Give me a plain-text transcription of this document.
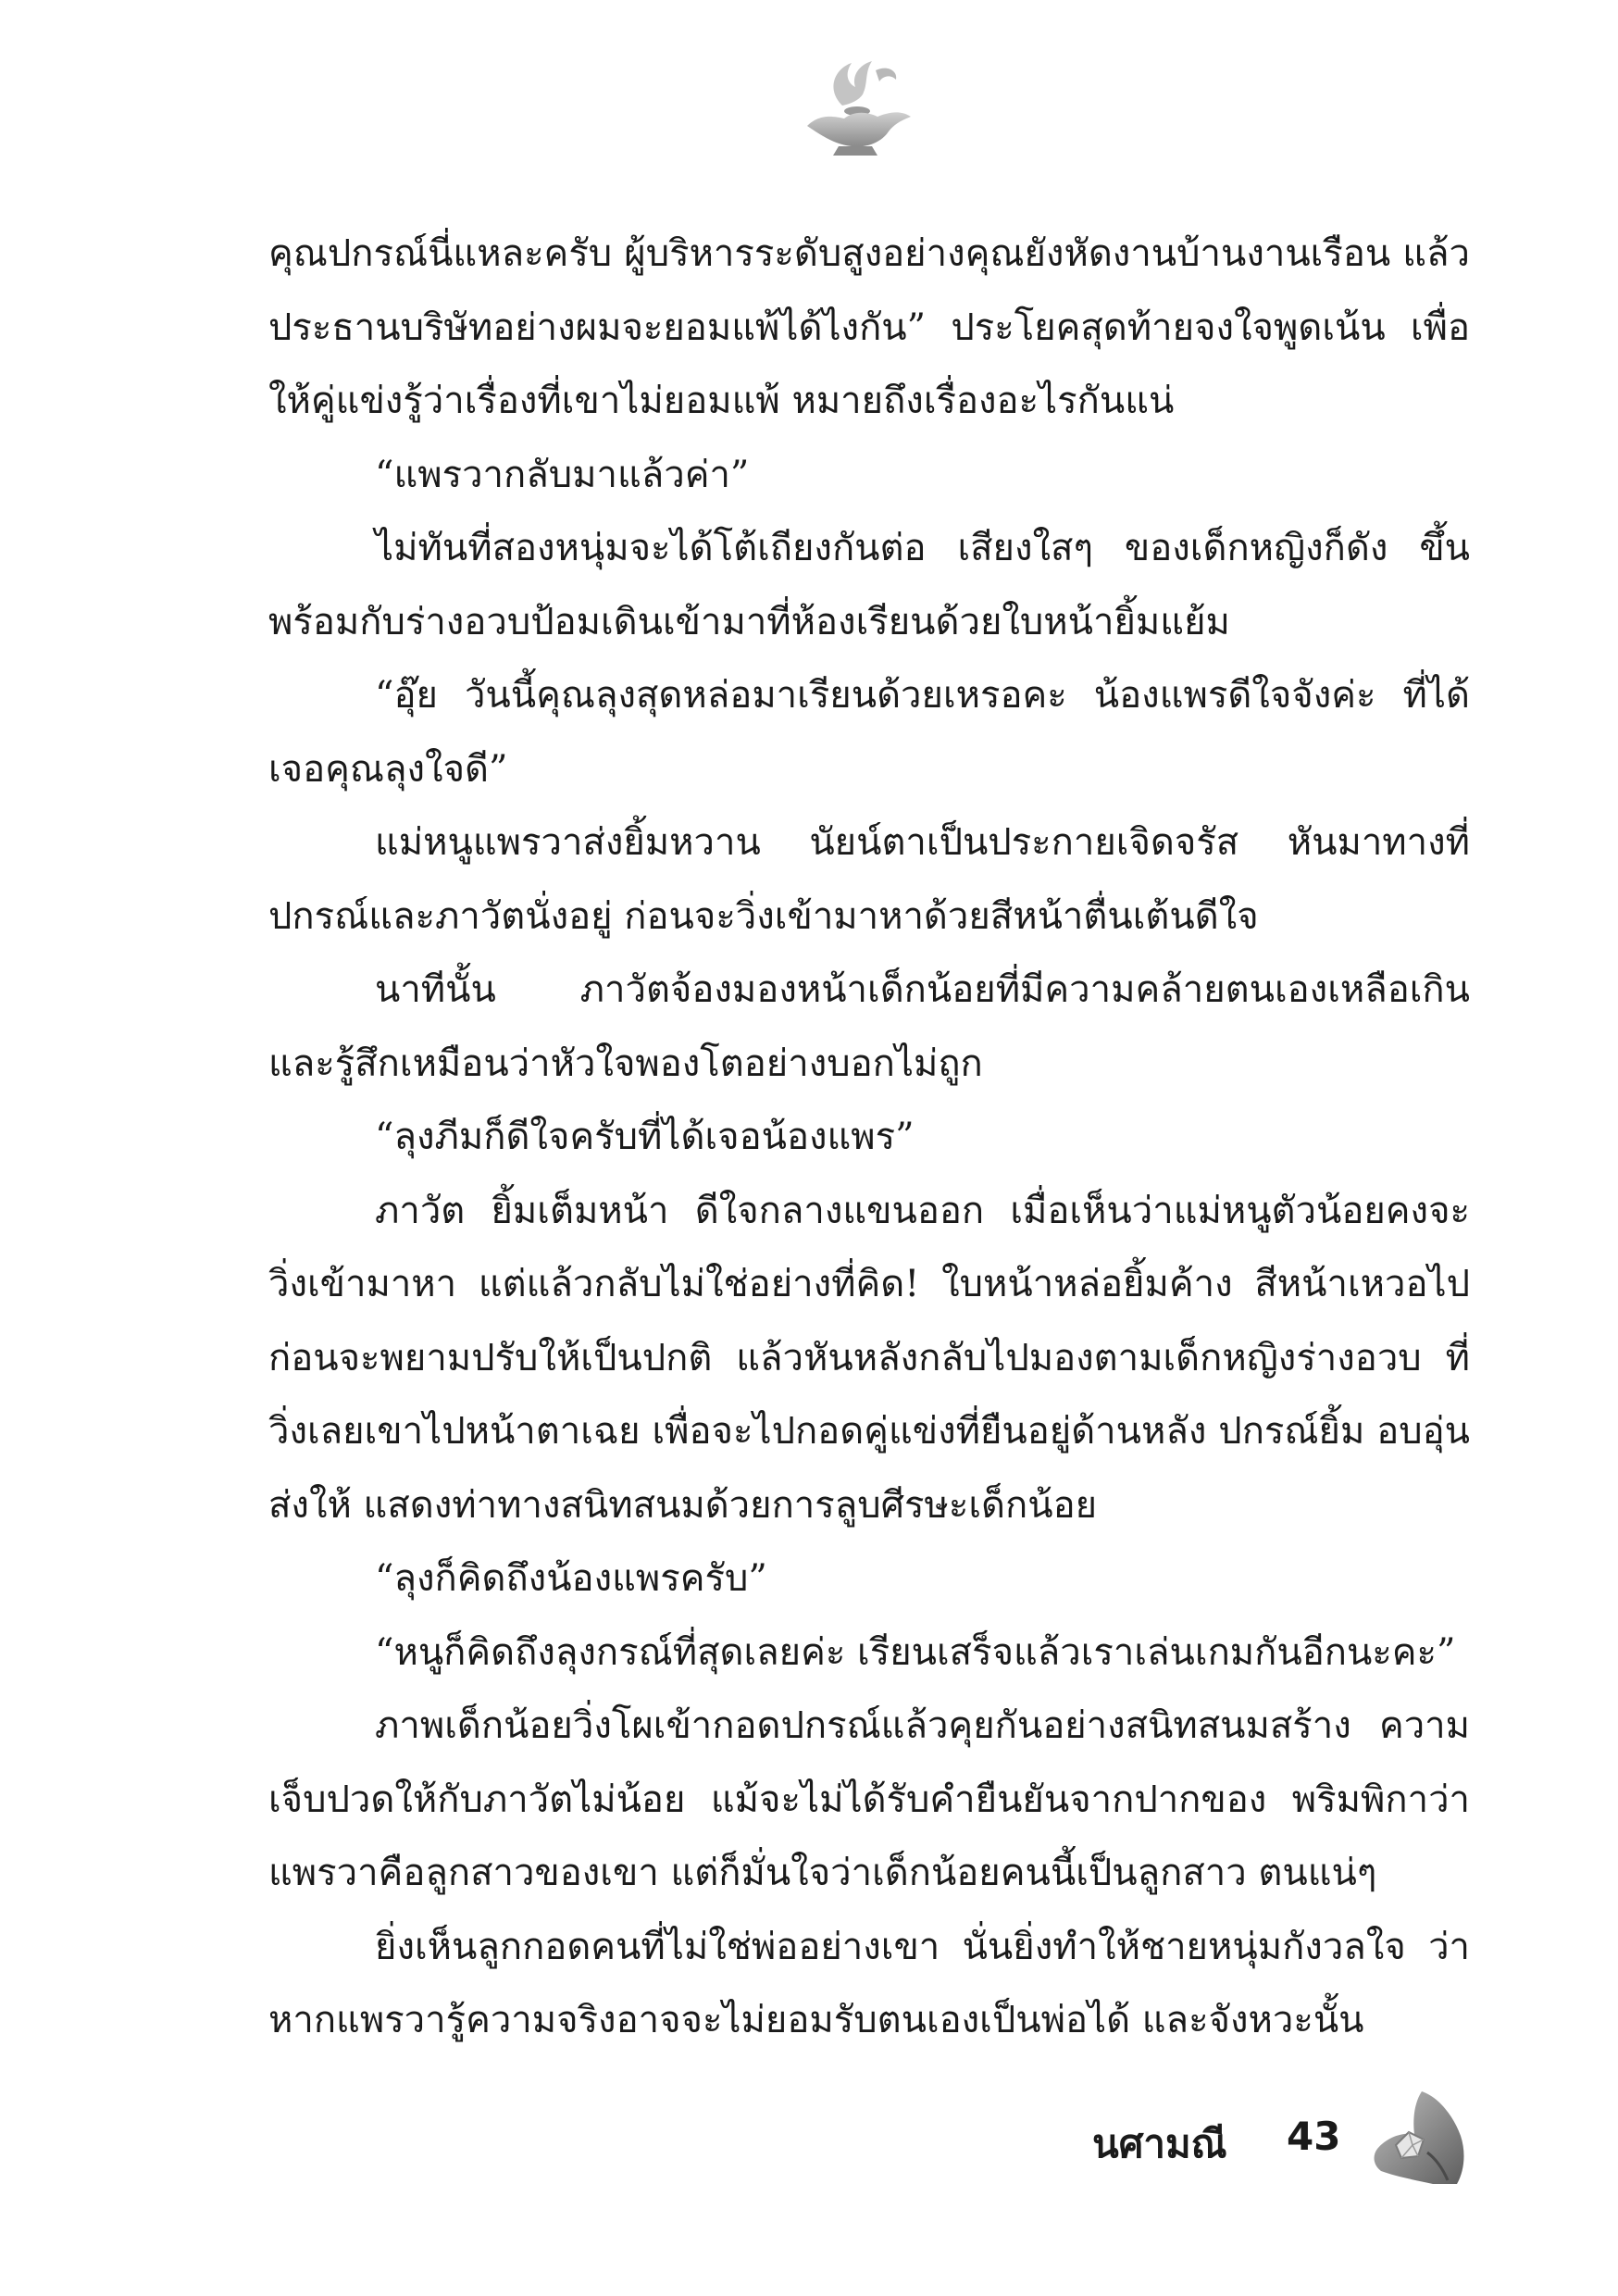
คุณปกรณ์นี่แหละครับ ผู้บริหารระดับสูงอย่างคุณยังหัดงานบ้านงานเรือน แล้วประธานบริษัทอย่างผมจะยอมแพ้ได้ไงกัน” ประโยคสุดท้ายจงใจพูดเน้น เพื่อให้คู่แข่งรู้ว่าเรื่องที่เขาไม่ยอมแพ้ หมายถึงเรื่องอะไรกันแน่

“แพรวากลับมาแล้วค่า”

ไม่ทันที่สองหนุ่มจะได้โต้เถียงกันต่อ เสียงใสๆ ของเด็กหญิงก็ดัง ขึ้นพร้อมกับร่างอวบป้อมเดินเข้ามาที่ห้องเรียนด้วยใบหน้ายิ้มแย้ม

“อุ๊ย วันนี้คุณลุงสุดหล่อมาเรียนด้วยเหรอคะ น้องแพรดีใจจังค่ะ ที่ได้เจอคุณลุงใจดี”

แม่หนูแพรวาส่งยิ้มหวาน นัยน์ตาเป็นประกายเจิดจรัส หันมาทางที่ ปกรณ์และภาวัตนั่งอยู่ ก่อนจะวิ่งเข้ามาหาด้วยสีหน้าตื่นเต้นดีใจ

นาทีนั้น ภาวัตจ้องมองหน้าเด็กน้อยที่มีความคล้ายตนเองเหลือเกิน และรู้สึกเหมือนว่าหัวใจพองโตอย่างบอกไม่ถูก

“ลุงภีมก็ดีใจครับที่ได้เจอน้องแพร”

ภาวัต ยิ้มเต็มหน้า ดีใจกลางแขนออก เมื่อเห็นว่าแม่หนูตัวน้อยคงจะ วิ่งเข้ามาหา แต่แล้วกลับไม่ใช่อย่างที่คิด! ใบหน้าหล่อยิ้มค้าง สีหน้าเหวอไป ก่อนจะพยามปรับให้เป็นปกติ แล้วหันหลังกลับไปมองตามเด็กหญิงร่างอวบ ที่วิ่งเลยเขาไปหน้าตาเฉย เพื่อจะไปกอดคู่แข่งที่ยืนอยู่ด้านหลัง ปกรณ์ยิ้ม อบอุ่นส่งให้ แสดงท่าทางสนิทสนมด้วยการลูบศีรษะเด็กน้อย

“ลุงก็คิดถึงน้องแพรครับ”

“หนูก็คิดถึงลุงกรณ์ที่สุดเลยค่ะ เรียนเสร็จแล้วเราเล่นเกมกันอีกนะคะ”

ภาพเด็กน้อยวิ่งโผเข้ากอดปกรณ์แล้วคุยกันอย่างสนิทสนมสร้าง ความเจ็บปวดให้กับภาวัตไม่น้อย แม้จะไม่ได้รับคำยืนยันจากปากของ พริมพิกาว่า แพรวาคือลูกสาวของเขา แต่ก็มั่นใจว่าเด็กน้อยคนนี้เป็นลูกสาว ตนแน่ๆ

ยิ่งเห็นลูกกอดคนที่ไม่ใช่พ่ออย่างเขา นั่นยิ่งทำให้ชายหนุ่มกังวลใจ ว่าหากแพรวารู้ความจริงอาจจะไม่ยอมรับตนเองเป็นพ่อได้ และจังหวะนั้น

นศามณี 43
